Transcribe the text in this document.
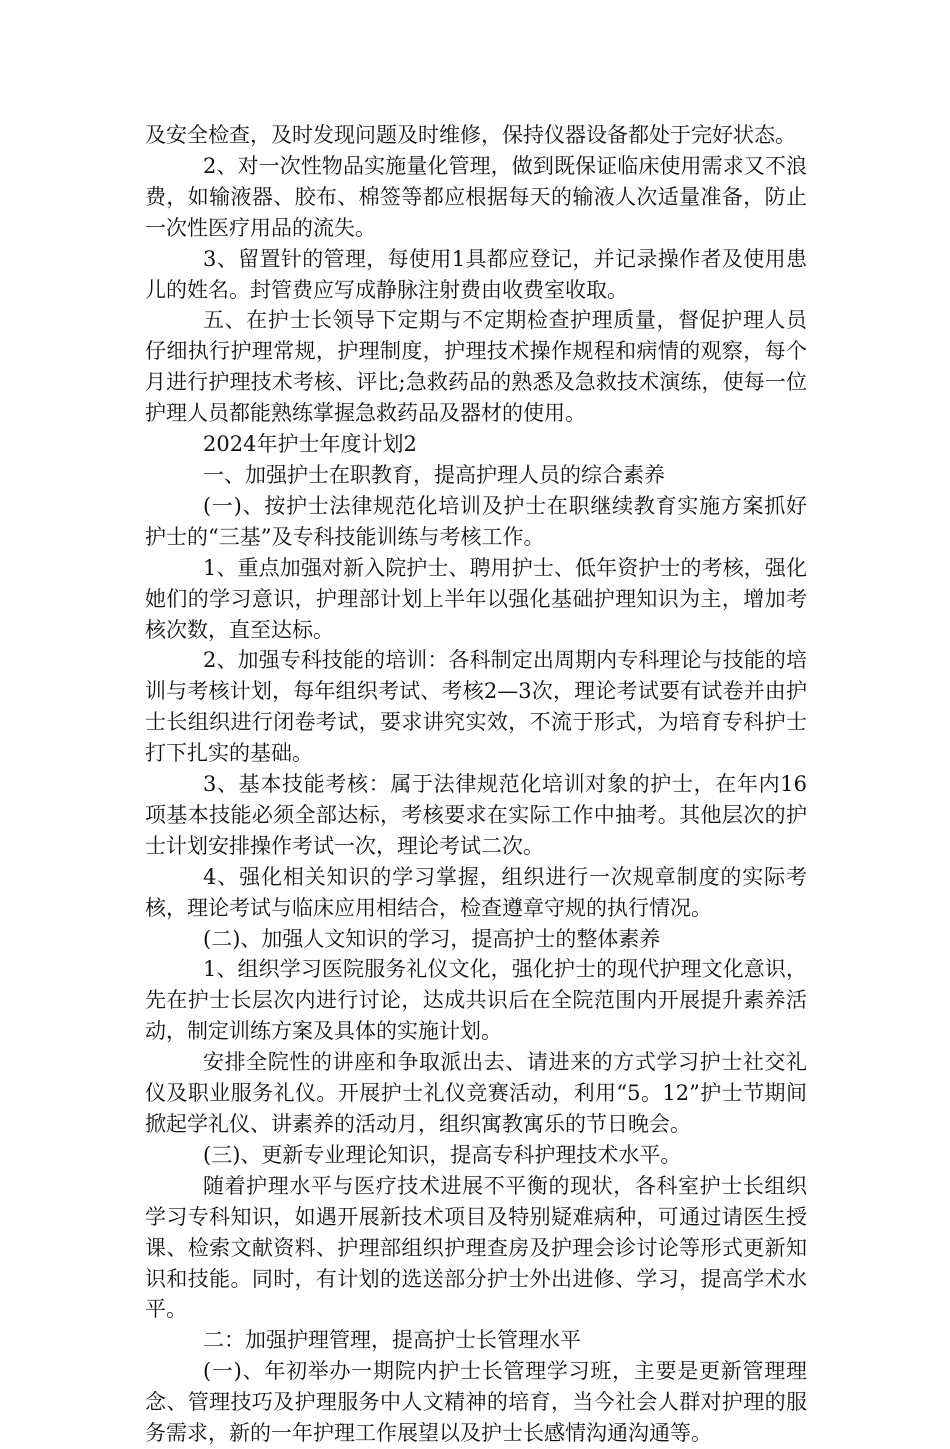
及安全检查，及时发现问题及时维修，保持仪器设备都处于完好状态。

2、对一次性物品实施量化管理，做到既保证临床使用需求又不浪费，如输液器、胶布、棉签等都应根据每天的输液人次适量准备，防止一次性医疗用品的流失。

3、留置针的管理，每使用1具都应登记，并记录操作者及使用患儿的姓名。封管费应写成静脉注射费由收费室收取。

五、在护士长领导下定期与不定期检查护理质量，督促护理人员仔细执行护理常规，护理制度，护理技术操作规程和病情的观察，每个月进行护理技术考核、评比;急救药品的熟悉及急救技术演练，使每一位护理人员都能熟练掌握急救药品及器材的使用。

2024年护士年度计划2

一、加强护士在职教育，提高护理人员的综合素养

(一)、按护士法律规范化培训及护士在职继续教育实施方案抓好护士的“三基”及专科技能训练与考核工作。

1、重点加强对新入院护士、聘用护士、低年资护士的考核，强化她们的学习意识，护理部计划上半年以强化基础护理知识为主，增加考核次数，直至达标。

2、加强专科技能的培训：各科制定出周期内专科理论与技能的培训与考核计划，每年组织考试、考核2—3次，理论考试要有试卷并由护士长组织进行闭卷考试，要求讲究实效，不流于形式，为培育专科护士打下扎实的基础。

3、基本技能考核：属于法律规范化培训对象的护士，在年内16项基本技能必须全部达标，考核要求在实际工作中抽考。其他层次的护士计划安排操作考试一次，理论考试二次。

4、强化相关知识的学习掌握，组织进行一次规章制度的实际考核，理论考试与临床应用相结合，检查遵章守规的执行情况。

(二)、加强人文知识的学习，提高护士的整体素养

1、组织学习医院服务礼仪文化，强化护士的现代护理文化意识，先在护士长层次内进行讨论，达成共识后在全院范围内开展提升素养活动，制定训练方案及具体的实施计划。

安排全院性的讲座和争取派出去、请进来的方式学习护士社交礼仪及职业服务礼仪。开展护士礼仪竞赛活动，利用“5。12”护士节期间掀起学礼仪、讲素养的活动月，组织寓教寓乐的节日晚会。

(三)、更新专业理论知识，提高专科护理技术水平。

随着护理水平与医疗技术进展不平衡的现状，各科室护士长组织学习专科知识，如遇开展新技术项目及特别疑难病种，可通过请医生授课、检索文献资料、护理部组织护理查房及护理会诊讨论等形式更新知识和技能。同时，有计划的选送部分护士外出进修、学习，提高学术水平。

二：加强护理管理，提高护士长管理水平

(一)、年初举办一期院内护士长管理学习班，主要是更新管理理念、管理技巧及护理服务中人文精神的培育，当今社会人群对护理的服务需求，新的一年护理工作展望以及护士长感情沟通沟通等。
